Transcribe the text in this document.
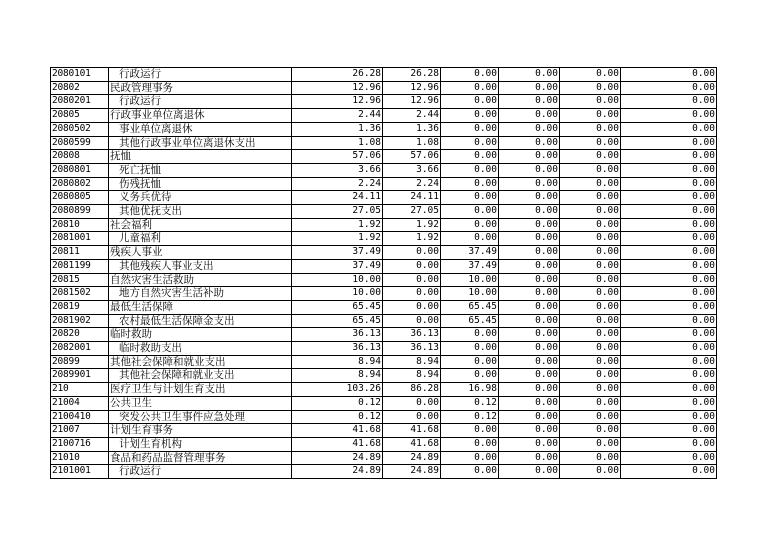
2080101	行政运行	26.28	26.28	0.00	0.00	0.00	0.00
20802	民政管理事务	12.96	12.96	0.00	0.00	0.00	0.00
2080201	行政运行	12.96	12.96	0.00	0.00	0.00	0.00
20805	行政事业单位离退休	2.44	2.44	0.00	0.00	0.00	0.00
2080502	事业单位离退休	1.36	1.36	0.00	0.00	0.00	0.00
2080599	其他行政事业单位离退休支出	1.08	1.08	0.00	0.00	0.00	0.00
20808	抚恤	57.06	57.06	0.00	0.00	0.00	0.00
2080801	死亡抚恤	3.66	3.66	0.00	0.00	0.00	0.00
2080802	伤残抚恤	2.24	2.24	0.00	0.00	0.00	0.00
2080805	义务兵优待	24.11	24.11	0.00	0.00	0.00	0.00
2080899	其他优抚支出	27.05	27.05	0.00	0.00	0.00	0.00
20810	社会福利	1.92	1.92	0.00	0.00	0.00	0.00
2081001	儿童福利	1.92	1.92	0.00	0.00	0.00	0.00
20811	残疾人事业	37.49	0.00	37.49	0.00	0.00	0.00
2081199	其他残疾人事业支出	37.49	0.00	37.49	0.00	0.00	0.00
20815	自然灾害生活救助	10.00	0.00	10.00	0.00	0.00	0.00
2081502	地方自然灾害生活补助	10.00	0.00	10.00	0.00	0.00	0.00
20819	最低生活保障	65.45	0.00	65.45	0.00	0.00	0.00
2081902	农村最低生活保障金支出	65.45	0.00	65.45	0.00	0.00	0.00
20820	临时救助	36.13	36.13	0.00	0.00	0.00	0.00
2082001	临时救助支出	36.13	36.13	0.00	0.00	0.00	0.00
20899	其他社会保障和就业支出	8.94	8.94	0.00	0.00	0.00	0.00
2089901	其他社会保障和就业支出	8.94	8.94	0.00	0.00	0.00	0.00
210	医疗卫生与计划生育支出	103.26	86.28	16.98	0.00	0.00	0.00
21004	公共卫生	0.12	0.00	0.12	0.00	0.00	0.00
2100410	突发公共卫生事件应急处理	0.12	0.00	0.12	0.00	0.00	0.00
21007	计划生育事务	41.68	41.68	0.00	0.00	0.00	0.00
2100716	计划生育机构	41.68	41.68	0.00	0.00	0.00	0.00
21010	食品和药品监督管理事务	24.89	24.89	0.00	0.00	0.00	0.00
2101001	行政运行	24.89	24.89	0.00	0.00	0.00	0.00
